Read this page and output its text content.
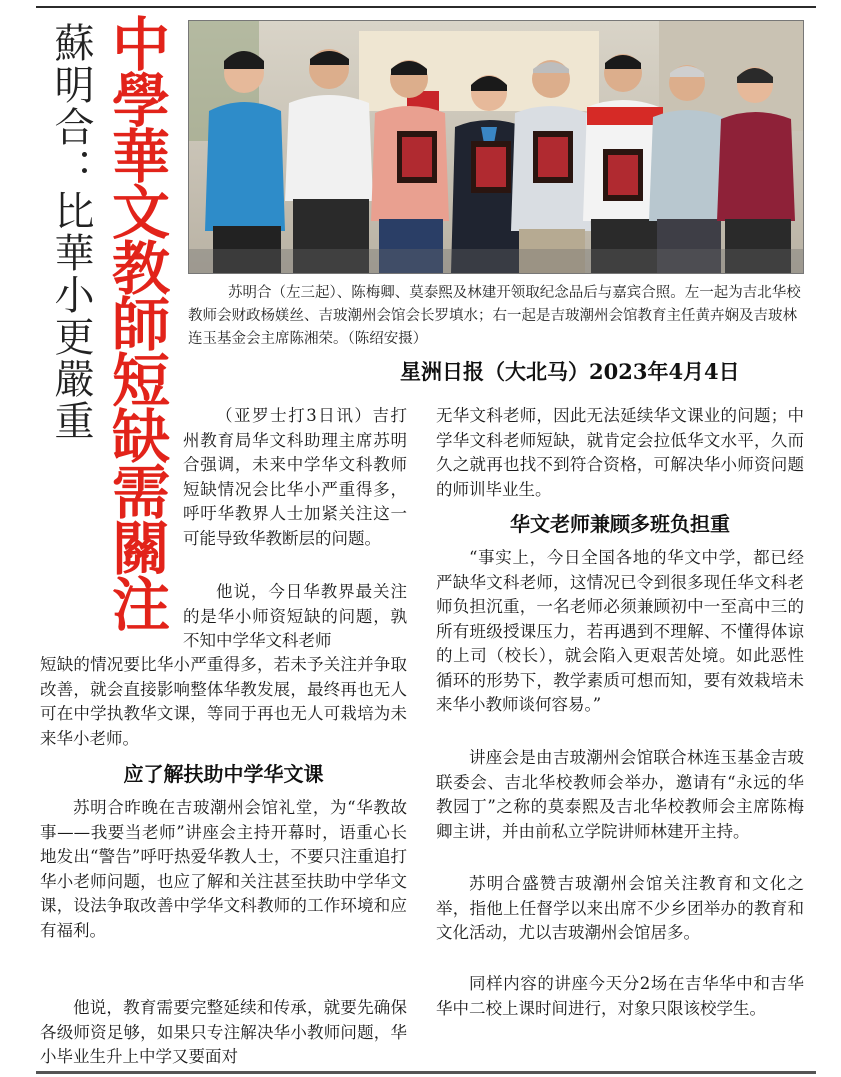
蘇明合：比華小更嚴重 中學華文教師短缺需關注	苏明合（左三起）、陈梅卿、莫泰熙及林建开领取纪念品后与嘉宾合照。左一起为吉北华校教师会财政杨媄丝、吉玻潮州会馆会长罗填水；右一起是吉玻潮州会馆教育主任黄卉娴及吉玻林连玉基金会主席陈湘荣。（陈绍安摄）

星洲日报（大北马）2023年4月4日

（亚罗士打3日讯）吉打州教育局华文科助理主席苏明合强调，未来中学华文科教师短缺情况会比华小严重得多，呼吁华教界人士加紧关注这一可能导致华教断层的问题。

他说，今日华教界最关注的是华小师资短缺的问题，孰不知中学华文科老师

短缺的情况要比华小严重得多，若未予关注并争取改善，就会直接影响整体华教发展，最终再也无人可在中学执教华文课，等同于再也无人可栽培为未来华小老师。

应了解扶助中学华文课

苏明合昨晚在吉玻潮州会馆礼堂，为“华教故事——我要当老师”讲座会主持开幕时，语重心长地发出“警告”呼吁热爱华教人士，不要只注重追打华小老师问题，也应了解和关注甚至扶助中学华文课，设法争取改善中学华文科教师的工作环境和应有福利。

他说，教育需要完整延续和传承，就要先确保各级师资足够，如果只专注解决华小教师问题，华小毕业生升上中学又要面对

无华文科老师，因此无法延续华文课业的问题；中学华文科老师短缺，就肯定会拉低华文水平，久而久之就再也找不到符合资格，可解决华小师资问题的师训毕业生。

华文老师兼顾多班负担重

“事实上，今日全国各地的华文中学，都已经严缺华文科老师，这情况已令到很多现任华文科老师负担沉重，一名老师必须兼顾初中一至高中三的所有班级授课压力，若再遇到不理解、不懂得体谅的上司（校长），就会陷入更艰苦处境。如此恶性循环的形势下，教学素质可想而知，要有效栽培未来华小教师谈何容易。”

讲座会是由吉玻潮州会馆联合林连玉基金吉玻联委会、吉北华校教师会举办，邀请有“永远的华教园丁”之称的莫泰熙及吉北华校教师会主席陈梅卿主讲，并由前私立学院讲师林建开主持。

苏明合盛赞吉玻潮州会馆关注教育和文化之举，指他上任督学以来出席不少乡团举办的教育和文化活动，尤以吉玻潮州会馆居多。

同样内容的讲座今天分2场在吉华华中和吉华华中二校上课时间进行，对象只限该校学生。
